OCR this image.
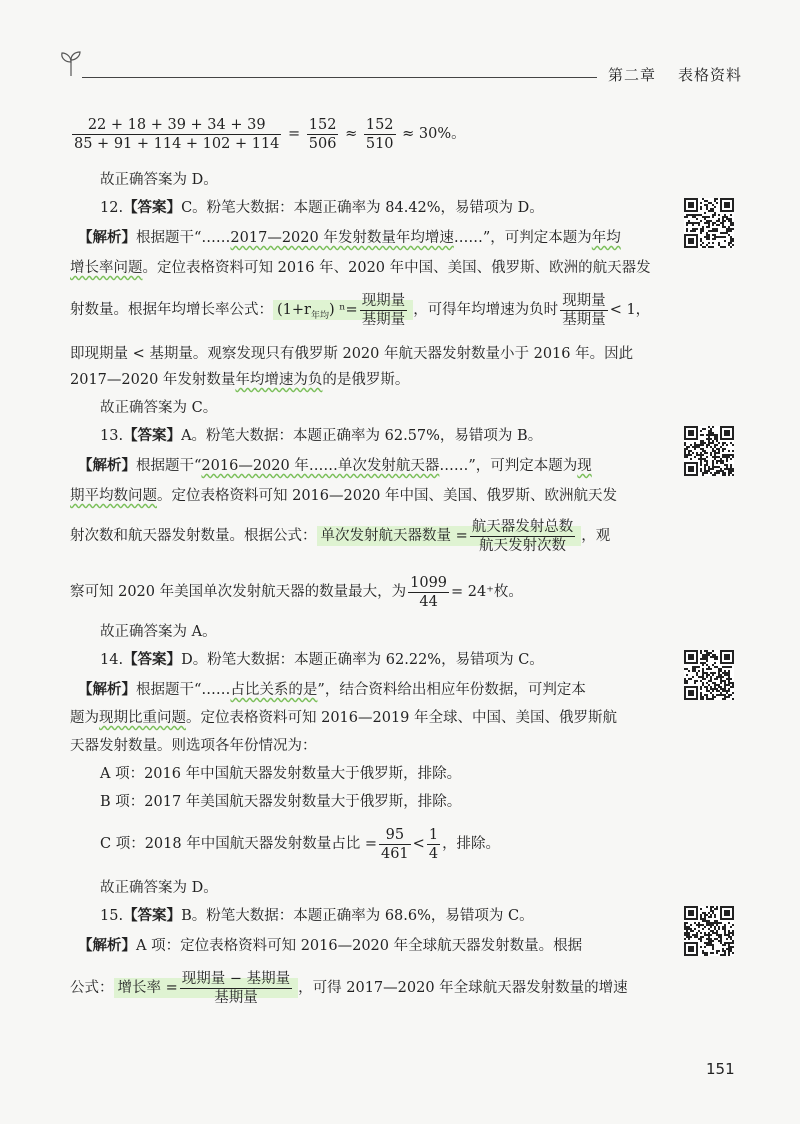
第二章 表格资料
$\frac{22 + 18 + 39 + 34 + 39}{85 + 91 + 114 + 102 + 114} = \frac{152}{506} \approx \frac{152}{510} \approx 30\%$。
故正确答案为 D。
12.【答案】C。粉笔大数据：本题正确率为 84.42%，易错项为 D。
【解析】根据题干“……2017—2020 年发射数量年均增速……”，可判定本题为年均
增长率问题。定位表格资料可知 2016 年、2020 年中国、美国、俄罗斯、欧洲的航天器发
射数量。根据年均增长率公式： $(1+r_{年均})$ $^n= \frac{\text{现期量}}{\text{基期量}}$ ，可得年均增速为负时 $\frac{\text{现期量}}{\text{基期量}} < 1$，
即现期量 < 基期量。观察发现只有俄罗斯 2020 年航天器发射数量小于 2016 年。因此
2017—2020 年发射数量年均增速为负的是俄罗斯。
故正确答案为 C。
13.【答案】A。粉笔大数据：本题正确率为 62.57%，易错项为 B。
【解析】根据题干“2016—2020 年……单次发射航天器……”，可判定本题为现
期平均数问题。定位表格资料可知 2016—2020 年中国、美国、俄罗斯、欧洲航天发
射次数和航天器发射数量。根据公式： 单次发射航天器数量 = $\frac{\text{航天器发射总数}}{\text{航天发射次数}}$ ，观
察可知 2020 年美国单次发射航天器的数量最大，为 $\frac{1099}{44} = 24^+$枚。
故正确答案为 A。
14.【答案】D。粉笔大数据：本题正确率为 62.22%，易错项为 C。
【解析】根据题干“……占比关系的是”，结合资料给出相应年份数据，可判定本
题为现期比重问题。定位表格资料可知 2016—2019 年全球、中国、美国、俄罗斯航
天器发射数量。则选项各年份情况为：
A 项：2016 年中国航天器发射数量大于俄罗斯，排除。
B 项：2017 年美国航天器发射数量大于俄罗斯，排除。
C 项：2018 年中国航天器发射数量占比 = $\frac{95}{461} < \frac{1}{4}$ ，排除。
故正确答案为 D。
15.【答案】B。粉笔大数据：本题正确率为 68.6%，易错项为 C。
【解析】A 项：定位表格资料可知 2016—2020 年全球航天器发射数量。根据
公式： 增长率 = $\frac{\text{现期量 − 基期量}}{\text{基期量}}$ ，可得 2017—2020 年全球航天器发射数量的增速
151
